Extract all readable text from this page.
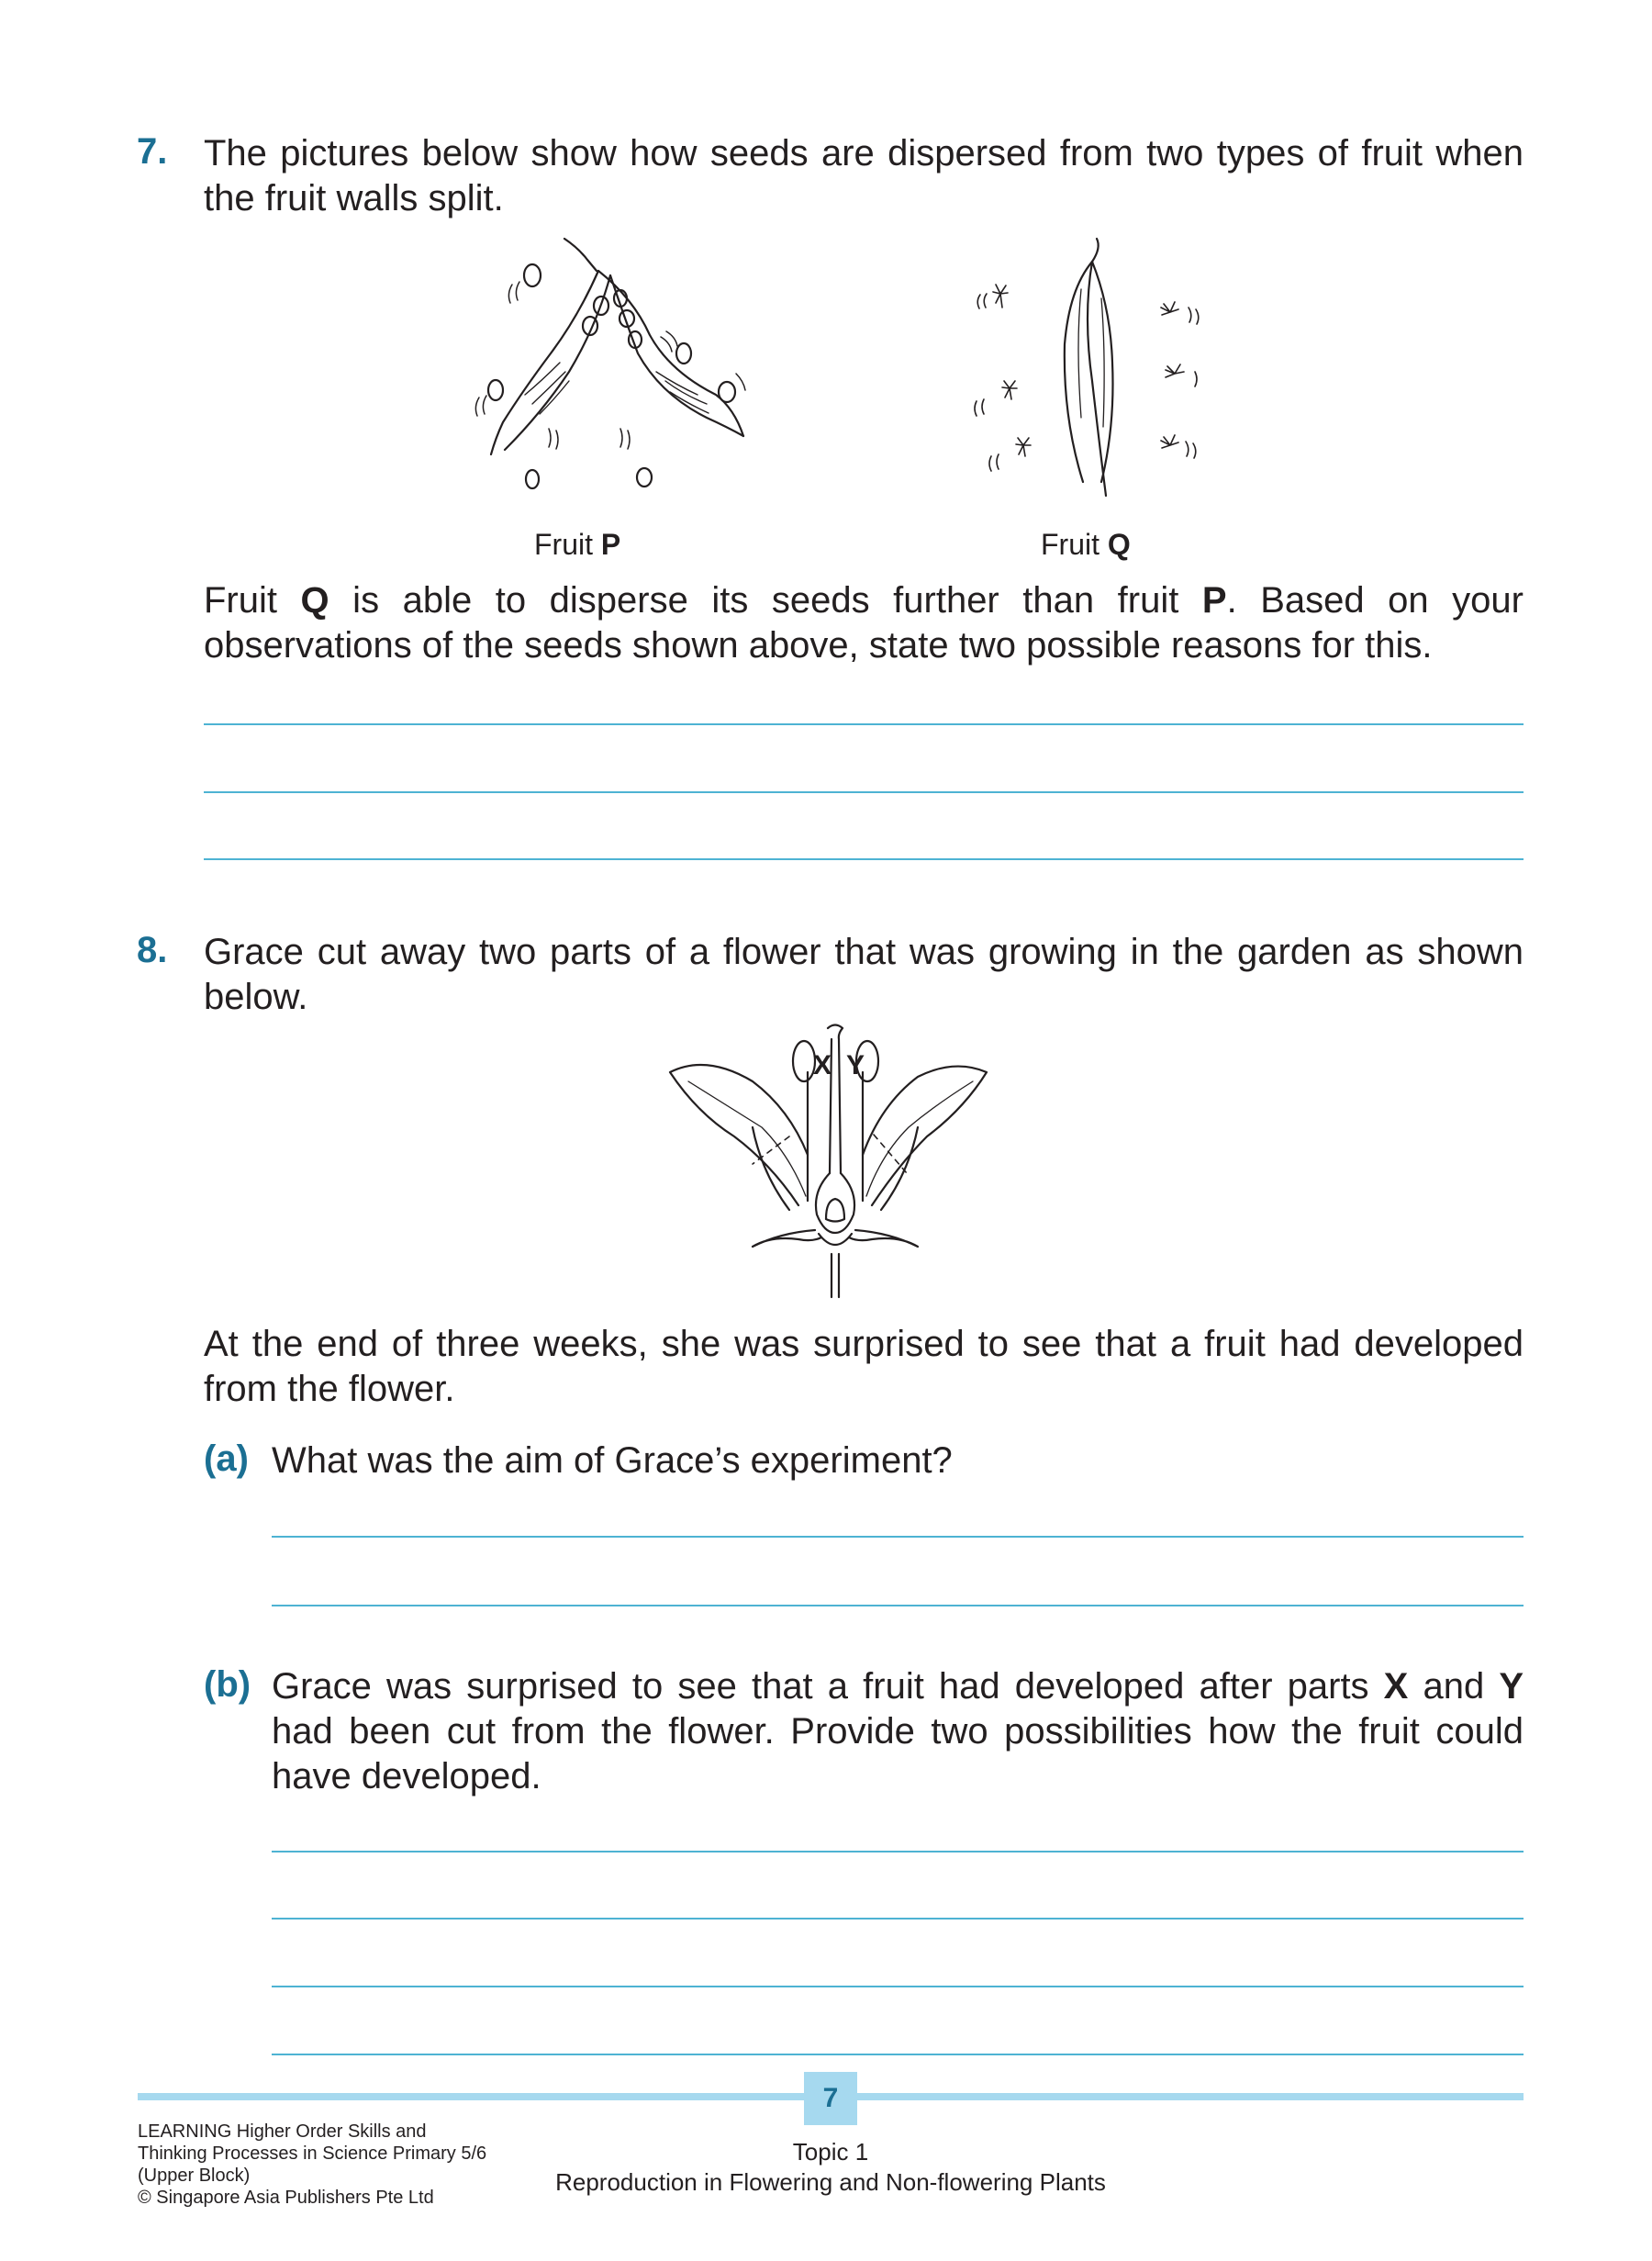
7. The pictures below show how seeds are dispersed from two types of fruit when the fruit walls split.
Fruit P	Fruit Q
Fruit Q is able to disperse its seeds further than fruit P. Based on your observations of the seeds shown above, state two possible reasons for this.
8. Grace cut away two parts of a flower that was growing in the garden as shown below.
X Y
At the end of three weeks, she was surprised to see that a fruit had developed from the flower.
(a) What was the aim of Grace’s experiment?
(b) Grace was surprised to see that a fruit had developed after parts X and Y had been cut from the flower. Provide two possibilities how the fruit could have developed.
7
LEARNING Higher Order Skills and
Thinking Processes in Science Primary 5/6
(Upper Block)
© Singapore Asia Publishers Pte Ltd
Topic 1
Reproduction in Flowering and Non-flowering Plants
